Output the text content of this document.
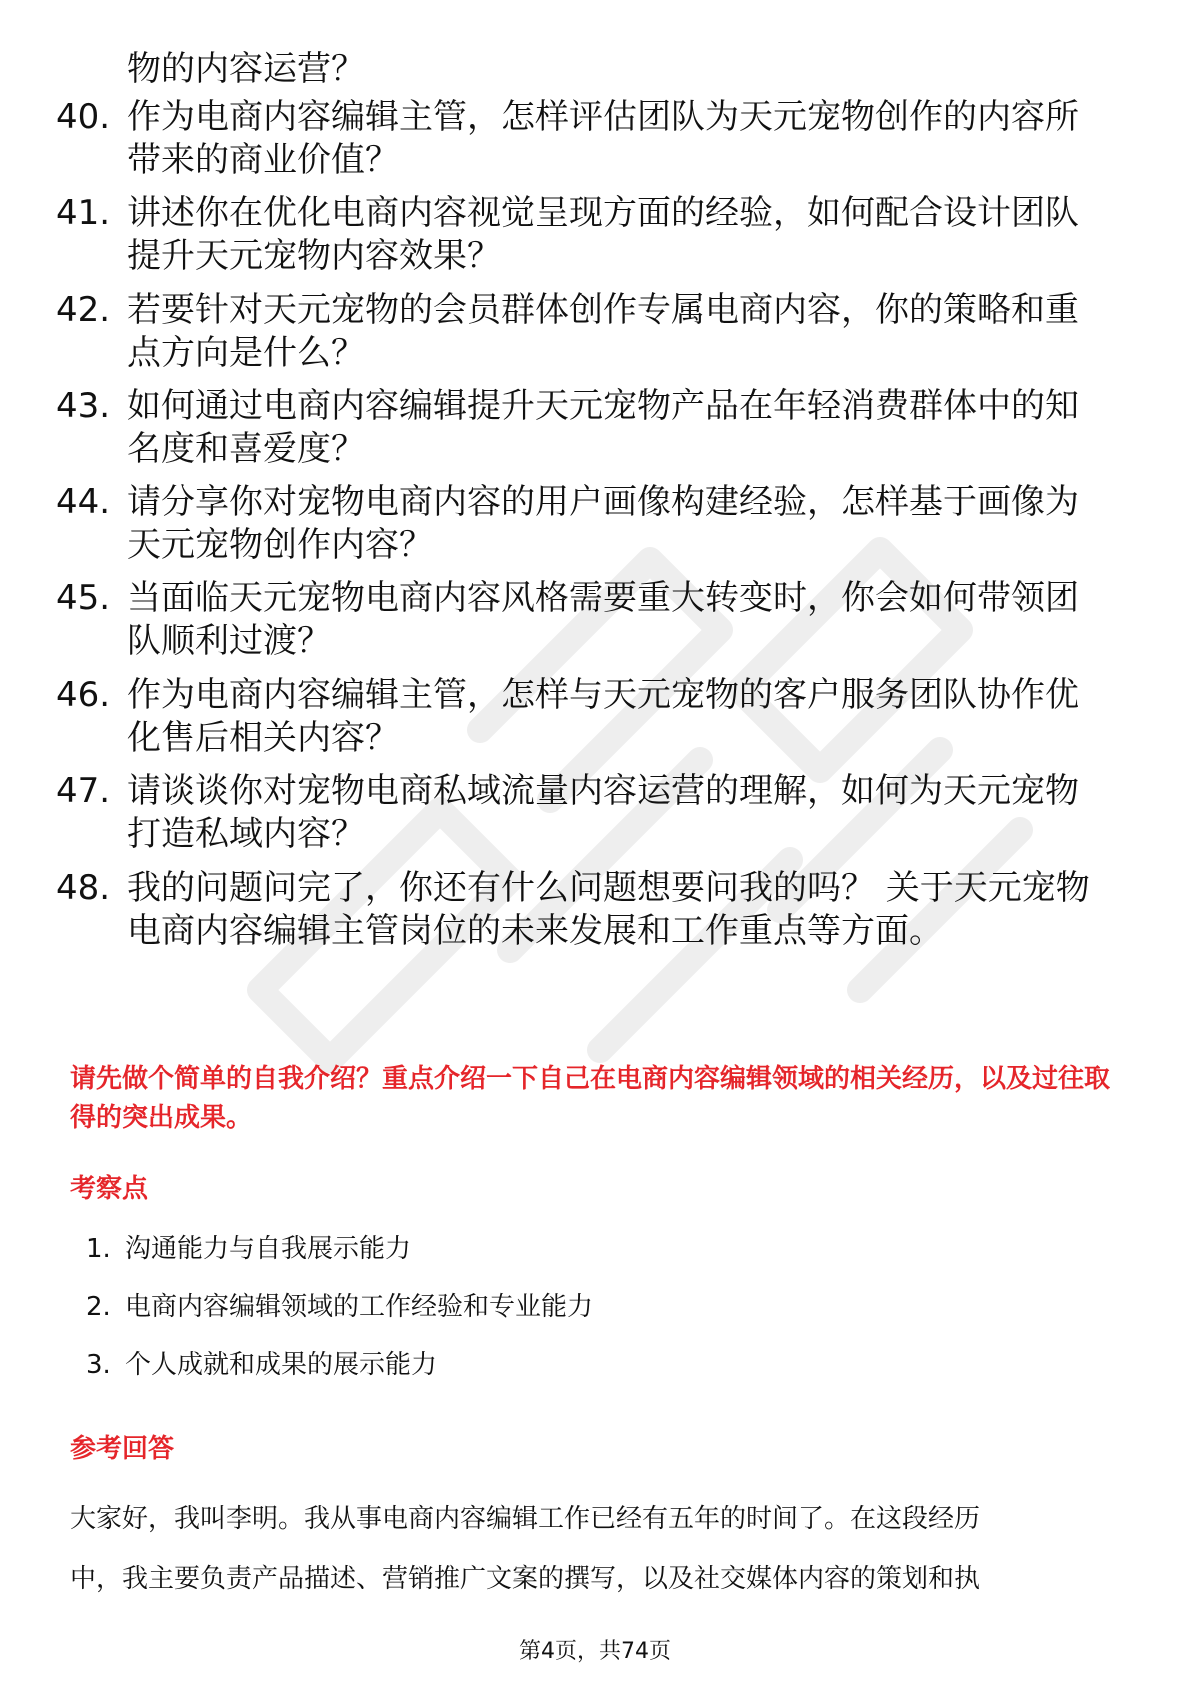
物的内容运营？
40. 作为电商内容编辑主管，怎样评估团队为天元宠物创作的内容所
带来的商业价值？
41. 讲述你在优化电商内容视觉呈现方面的经验，如何配合设计团队
提升天元宠物内容效果？
42. 若要针对天元宠物的会员群体创作专属电商内容，你的策略和重
点方向是什么？
43. 如何通过电商内容编辑提升天元宠物产品在年轻消费群体中的知
名度和喜爱度？
44. 请分享你对宠物电商内容的用户画像构建经验，怎样基于画像为
天元宠物创作内容？
45. 当面临天元宠物电商内容风格需要重大转变时，你会如何带领团
队顺利过渡？
46. 作为电商内容编辑主管，怎样与天元宠物的客户服务团队协作优
化售后相关内容？
47. 请谈谈你对宠物电商私域流量内容运营的理解，如何为天元宠物
打造私域内容？
48. 我的问题问完了，你还有什么问题想要问我的吗？ 关于天元宠物
电商内容编辑主管岗位的未来发展和工作重点等方面。
请先做个简单的自我介绍？重点介绍一下自己在电商内容编辑领域的相关经历，以及过往取得的突出成果。
考察点
1. 沟通能力与自我展示能力
2. 电商内容编辑领域的工作经验和专业能力
3. 个人成就和成果的展示能力
参考回答
大家好，我叫李明。我从事电商内容编辑工作已经有五年的时间了。在这段经历
中，我主要负责产品描述、营销推广文案的撰写，以及社交媒体内容的策划和执
第4页，共74页
